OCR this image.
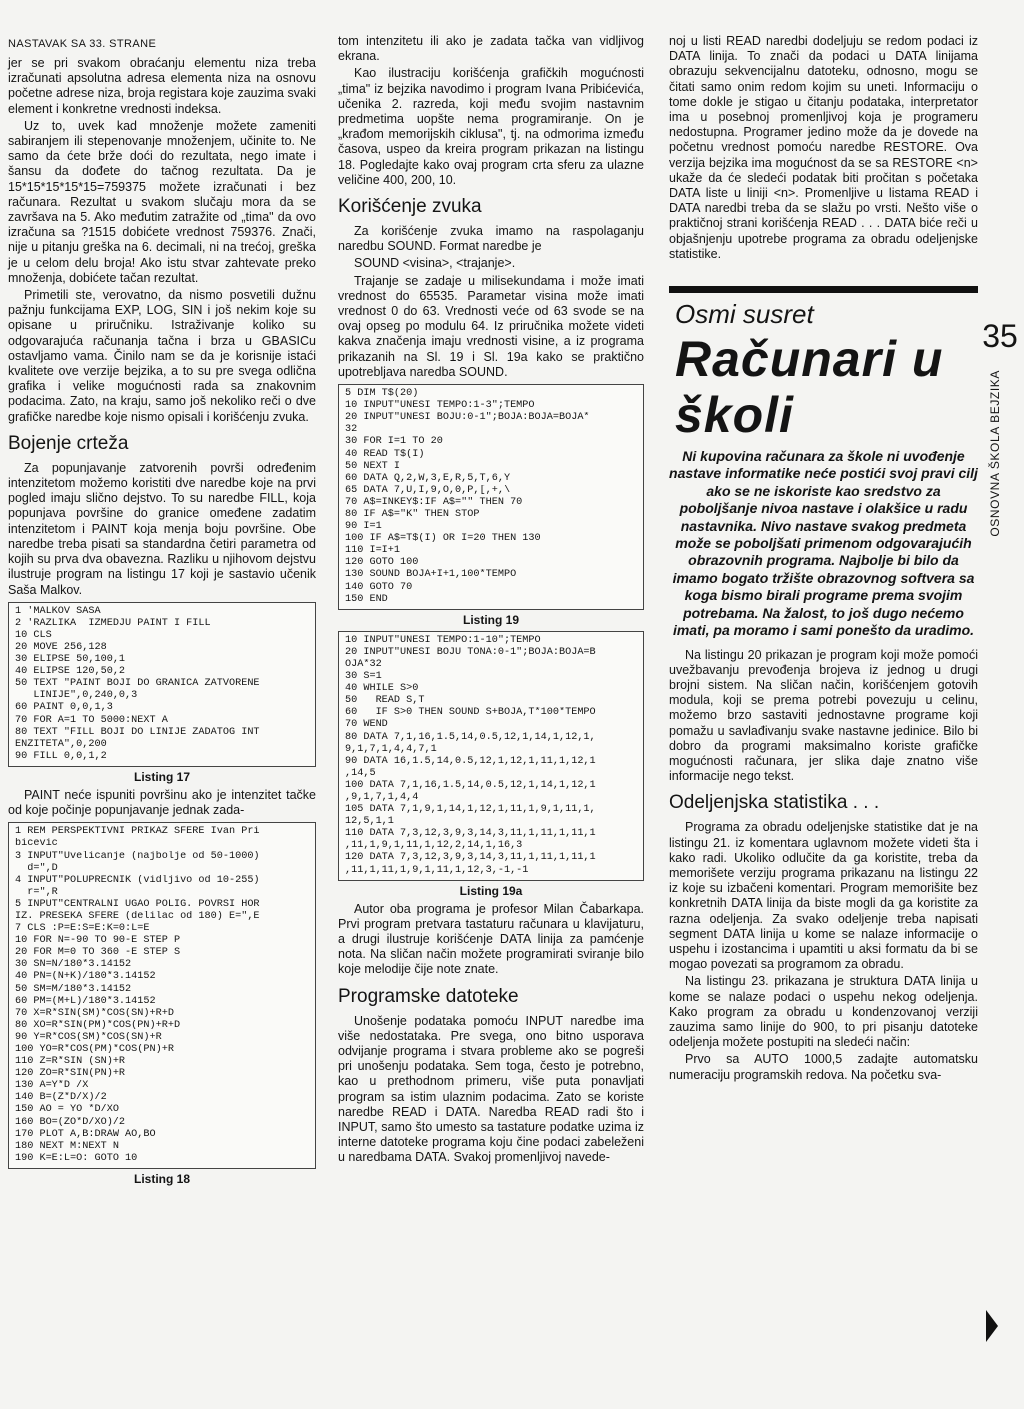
NASTAVAK SA 33. STRANE

jer se pri svakom obraćanju elementu niza treba izračunati apsolutna adresa elementa niza na osnovu početne adrese niza, broja registara koje zauzima svaki element i konkretne vrednosti indeksa.

Uz to, uvek kad množenje možete zameniti sabiranjem ili stepenovanje množenjem, učinite to. Ne samo da ćete brže doći do rezultata, nego imate i šansu da dođete do tačnog rezultata. Da je 15*15*15*15*15=759375 možete izračunati i bez računara. Rezultat u svakom slučaju mora da se završava na 5. Ako međutim zatražite od „tima" da ovo izračuna sa ?1515 dobićete vrednost 759376. Znači, nije u pitanju greška na 6. decimali, ni na trećoj, greška je u celom delu broja! Ako istu stvar zahtevate preko množenja, dobićete tačan rezultat.

Primetili ste, verovatno, da nismo posvetili dužnu pažnju funkcijama EXP, LOG, SIN i još nekim koje su opisane u priručniku. Istraživanje koliko su odgovarajuća računanja tačna i brza u GBASICu ostavljamo vama. Činilo nam se da je korisnije istaći kvalitete ove verzije bejzika, a to su pre svega odlična grafika i velike mogućnosti rada sa znakovnim podacima. Zato, na kraju, samo još nekoliko reči o dve grafičke naredbe koje nismo opisali i korišćenju zvuka.

Bojenje crteža

Za popunjavanje zatvorenih površi određenim intenzitetom možemo koristiti dve naredbe koje na prvi pogled imaju slično dejstvo. To su naredbe FILL, koja popunjava površine do granice omeđene zadatim intenzitetom i PAINT koja menja boju površine. Obe naredbe treba pisati sa standardna četiri parametra od kojih su prva dva obavezna. Razliku u njihovom dejstvu ilustruje program na listingu 17 koji je sastavio učenik Saša Malkov.

1 'MALKOV SASA
2 'RAZLIKA  IZMEDJU PAINT I FILL
10 CLS
20 MOVE 256,128
30 ELIPSE 50,100,1
40 ELIPSE 120,50,2
50 TEXT "PAINT BOJI DO GRANICA ZATVORENE
LINIJE",0,240,0,3
60 PAINT 0,0,1,3
70 FOR A=1 TO 5000:NEXT A
80 TEXT "FILL BOJI DO LINIJE ZADATOG INT
ENZITETA",0,200
90 FILL 0,0,1,2
Listing 17

PAINT neće ispuniti površinu ako je intenzitet tačke od koje počinje popunjavanje jednak zada-

1 REM PERSPEKTIVNI PRIKAZ SFERE Ivan Pri
bicevic
3 INPUT"Uvelicanje (najbolje od 50-1000)
d=",D
4 INPUT"POLUPRECNIK (vidljivo od 10-255)
r=",R
5 INPUT"CENTRALNI UGAO POLIG. POVRSI HOR
IZ. PRESEKA SFERE (delilac od 180) E=",E
7 CLS :P=E:S=E:K=0:L=E
10 FOR N=-90 TO 90-E STEP P
20 FOR M=0 TO 360 -E STEP S
30 SN=N/180*3.14152
40 PN=(N+K)/180*3.14152
50 SM=M/180*3.14152
60 PM=(M+L)/180*3.14152
70 X=R*SIN(SM)*COS(SN)+R+D
80 XO=R*SIN(PM)*COS(PN)+R+D
90 Y=R*COS(SM)*COS(SN)+R
100 YO=R*COS(PM)*COS(PN)+R
110 Z=R*SIN (SN)+R
120 ZO=R*SIN(PN)+R
130 A=Y*D /X
140 B=(Z*D/X)/2
150 AO = YO *D/XO
160 BO=(ZO*D/XO)/2
170 PLOT A,B:DRAW AO,BO
180 NEXT M:NEXT N
190 K=E:L=O: GOTO 10
Listing 18

tom intenzitetu ili ako je zadata tačka van vidljivog ekrana.

Kao ilustraciju korišćenja grafičkih mogućnosti „tima" iz bejzika navodimo i program Ivana Pribićevića, učenika 2. razreda, koji među svojim nastavnim predmetima uopšte nema programiranje. On je „krađom memorijskih ciklusa", tj. na odmorima između časova, uspeo da kreira program prikazan na listingu 18. Pogledajte kako ovaj program crta sferu za ulazne veličine 400, 200, 10.

Korišćenje zvuka

Za korišćenje zvuka imamo na raspolaganju naredbu SOUND. Format naredbe je

SOUND <visina>, <trajanje>.

Trajanje se zadaje u milisekundama i može imati vrednost do 65535. Parametar visina može imati vrednost 0 do 63. Vrednosti veće od 63 svode se na ovaj opseg po modulu 64. Iz priručnika možete videti kakva značenja imaju vrednosti visine, a iz programa prikazanih na Sl. 19 i Sl. 19a kako se praktično upotrebljava naredba SOUND.

5 DIM T$(20)
10 INPUT"UNESI TEMPO:1-3";TEMPO
20 INPUT"UNESI BOJU:0-1";BOJA:BOJA=BOJA*
32
30 FOR I=1 TO 20
40 READ T$(I)
50 NEXT I
60 DATA Q,2,W,3,E,R,5,T,6,Y
65 DATA 7,U,I,9,O,0,P,[,+,\
70 A$=INKEY$:IF A$="" THEN 70
80 IF A$="K" THEN STOP
90 I=1
100 IF A$=T$(I) OR I=20 THEN 130
110 I=I+1
120 GOTO 100
130 SOUND BOJA+I+1,100*TEMPO
140 GOTO 70
150 END
Listing 19
10 INPUT"UNESI TEMPO:1-10";TEMPO
20 INPUT"UNESI BOJU TONA:0-1";BOJA:BOJA=B
OJA*32
30 S=1
40 WHILE S>0
50   READ S,T
60   IF S>0 THEN SOUND S+BOJA,T*100*TEMPO
70 WEND
80 DATA 7,1,16,1.5,14,0.5,12,1,14,1,12,1,
9,1,7,1,4,4,7,1
90 DATA 16,1.5,14,0.5,12,1,12,1,11,1,12,1
,14,5
100 DATA 7,1,16,1.5,14,0.5,12,1,14,1,12,1
,9,1,7,1,4,4
105 DATA 7,1,9,1,14,1,12,1,11,1,9,1,11,1,
12,5,1,1
110 DATA 7,3,12,3,9,3,14,3,11,1,11,1,11,1
,11,1,9,1,11,1,12,2,14,1,16,3
120 DATA 7,3,12,3,9,3,14,3,11,1,11,1,11,1
,11,1,11,1,9,1,11,1,12,3,-1,-1
Listing 19a

Autor oba programa je profesor Milan Čabarkapa. Prvi program pretvara tastaturu računara u klavijaturu, a drugi ilustruje korišćenje DATA linija za pamćenje nota. Na sličan način možete programirati sviranje bilo koje melodije čije note znate.

Programske datoteke

Unošenje podataka pomoću INPUT naredbe ima više nedostataka. Pre svega, ono bitno usporava odvijanje programa i stvara probleme ako se pogreši pri unošenju podataka. Sem toga, često je potrebno, kao u prethodnom primeru, više puta ponavljati program sa istim ulaznim podacima. Zato se koriste naredbe READ i DATA. Naredba READ radi što i INPUT, samo što umesto sa tastature podatke uzima iz interne datoteke programa koju čine podaci zabeleženi u naredbama DATA. Svakoj promenljivoj navede-

noj u listi READ naredbi dodeljuju se redom podaci iz DATA linija. To znači da podaci u DATA linijama obrazuju sekvencijalnu datoteku, odnosno, mogu se čitati samo onim redom kojim su uneti. Informaciju o tome dokle je stigao u čitanju podataka, interpretator ima u posebnoj promenljivoj koja je programeru nedostupna. Programer jedino može da je dovede na početnu vrednost pomoću naredbe RESTORE. Ova verzija bejzika ima mogućnost da se sa RESTORE <n> ukaže da će sledeći podatak biti pročitan s početaka DATA liste u liniji <n>. Promenljive u listama READ i DATA naredbi treba da se slažu po vrsti. Nešto više o praktičnoj strani korišćenja READ . . . DATA biće reči u objašnjenju upotrebe programa za obradu odeljenjske statistike.

Osmi susret
Računari u
školi
Ni kupovina računara za škole ni uvođenje nastave informatike neće postići svoj pravi cilj ako se ne iskoriste kao sredstvo za poboljšanje nivoa nastave i olakšice u radu nastavnika. Nivo nastave svakog predmeta može se poboljšati primenom odgovarajućih obrazovnih programa. Najbolje bi bilo da imamo bogato tržište obrazovnog softvera sa koga bismo birali programe prema svojim potrebama. Na žalost, to još dugo nećemo imati, pa moramo i sami ponešto da uradimo.

Na listingu 20 prikazan je program koji može pomoći uvežbavanju prevođenja brojeva iz jednog u drugi brojni sistem. Na sličan način, korišćenjem gotovih modula, koji se prema potrebi povezuju u celinu, možemo brzo sastaviti jednostavne programe koji pomažu u savlađivanju svake nastavne jedinice. Bilo bi dobro da programi maksimalno koriste grafičke mogućnosti računara, jer slika daje znatno više informacije nego tekst.

Odeljenjska statistika . . .

Programa za obradu odeljenjske statistike dat je na listingu 21. iz komentara uglavnom možete videti šta i kako radi. Ukoliko odlučite da ga koristite, treba da memorišete verziju programa prikazanu na listingu 22 iz koje su izbačeni komentari. Program memorišite bez konkretnih DATA linija da biste mogli da ga koristite za razna odeljenja. Za svako odeljenje treba napisati segment DATA linija u kome se nalaze informacije o uspehu i izostancima i upamtiti u aksi formatu da bi se mogao povezati sa programom za obradu.

Na listingu 23. prikazana je struktura DATA linija u kome se nalaze podaci o uspehu nekog odeljenja. Kako program za obradu u kondenzovanoj verziji zauzima samo linije do 900, to pri pisanju datoteke odeljenja možete postupiti na sledeći način:

Prvo sa AUTO 1000,5 zadajte automatsku numeraciju programskih redova. Na početku sva-

35
OSNOVNA ŠKOLA BEJZIKA
